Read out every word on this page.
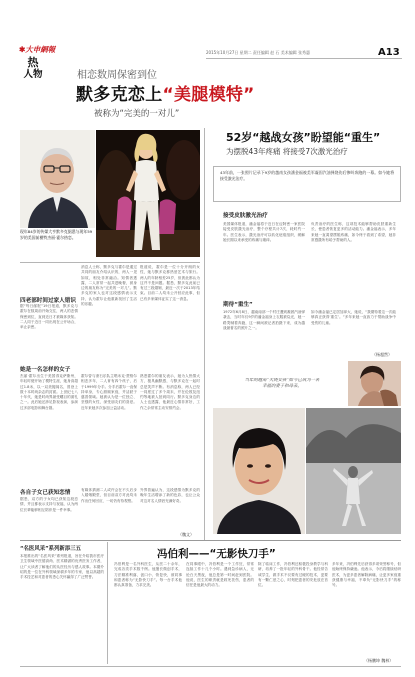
✱大申網報
热
人物
2015年10月27日 星期二 责任编辑 赵 石 美术编辑 张秀惠	A13
相恋数周保密到位
默多克恋上“美腿模特”
被称为“完美的一对儿”
现年84岁的传媒大亨默多克据悉与现年59岁的美国前模特杰丽·霍尔热恋。
据“每日邮报”19日报道，默多克与霍尔在数周前开始交往，两人的恋情保密到位，直到近日才被媒体获知。二人同于近日一同出现在公开场合，举止亲密。
消息人士称，默多克与霍尔是通过共同的朋友介绍认识的，两人一见如故，相处非常融洽。知情者透露，二人常常一起共进晚餐，被身边的朋友称为“完美的一对儿”。默多克的家人也对这段感情表示支持，认为霍尔让他重新找回了生活的乐趣。
报道说，霍尔是一位十分开朗的女性，她与默多克都热爱艺术与旅行。两人的年龄相差25岁，但彼此都认为这并不是问题。据悉，默多克此前已有过三段婚姻，最近一次于2013年结束。目前二人均未公开回应此事，但已有多家媒体证实了这一消息。
四老部时间过家人错识
她是一名怎样的女子
杰丽·霍尔出生于美国得克萨斯州，年轻时便开始了模特生涯，她身高超过1.8米，以一双美腿闻名，曾登上数十本时尚杂志的封面。上世纪七八十年代，她是时尚界最受瞩目的面孔之一。此后她还涉足影视表演，参演过多部电影和舞台剧。
霍尔曾与滚石乐队主唱米克·贾格尔相恋多年，二人育有四个孩子，后于1999年分手。分手后霍尔一直保持单身，专心照顾家庭，并活跃于慈善领域。她被认为是一位独立、坚强的女性，深受朋友们的喜爱。近年来她多次参加公益活动。
熟悉霍尔的朋友表示，她为人热情大方，极具幽默感，与默多克在一起时总是笑声不断。有消息称，两人已经一同度过了多个周末，并在伦敦及纽约等地被人拍到同行。默多克身边的人士也透露，他最近心情非常好，工作之余常常主动安排约会。
各自子女已获知恋情
据悉，双方的子女均已获知这段恋情，并且都表示支持与祝福，认为两位长辈能够相互陪伴是一件幸事。
有媒体猜测二人或许会在不久后步入婚姻殿堂，但目前双方对此均未作出任何回应，一切仍有待观察。
外界普遍认为，这段感情为默多克的晚年生活增添了新的色彩，也让公众对这对名人情侣充满好奇。
（魏文）
52岁“越战女孩”盼望能“重生”
为摆脱43年疼痛 将接受7次激光治疗
43年前，一张照片记录下9岁的越南女孩潘金福被美军凝固汽油弹烧伤后惨叫奔跑的一幕。如今她将接受激光治疗。
接受皮肤激光治疗
美国媒体报道，潘金福将于近日在迈阿密一家医院接受皮肤激光治疗，整个疗程共计7次，耗时约一年。医生表示，激光治疗可以软化疤痕组织，缓解她长期以来承受的疼痛与瘙痒。
负责治疗的医生称，这项技术能够帮助皮肤重新生长，使患者恢复更多的活动能力。潘金福表示，多年来她一直渴望摆脱疼痛，如今终于看到了希望，她非常感激所有给予帮助的人。
期待“重生”
1972年6月8日，越南南部一个村庄遭到凝固汽油弹袭击，当时年仅9岁的潘金福身上衣服被烧光，她一路哭喊着奔跑，这一瞬间被记者拍摄下来，成为越战最著名的照片之一。
如今潘金福已定居加拿大，她说，“我期待着这一次能够真正获得‘重生’。”多年来她一直致力于帮助战争中受伤的儿童。
（杨超然）
当年的越南“火烧女孩”如今已成为一名幸福的妻子和母亲。
“名医风采”系列新添三五
本报推出的“名医风采”系列报道，旨在介绍我市医疗卫生领域中医德高尚、医术精湛的优秀医务工作者，让广大读者了解他们的从医经历与感人故事。本期介绍的是一位在外科领域深耕多年的专家，他以高超的手术技艺和对患者的悉心关怀赢得了广泛赞誉。
冯伯利——“无影快刀手”
冯伯利是一名外科医生，从医二十余年，完成各类手术数千例。他擅长微创手术，刀法精准利落，创口小、恢复快，被同事和患者称为“无影快刀手”。每一台手术他都认真准备，力求完美。
在同事眼中，冯伯利是一个工作狂，常常连续工作十几个小时。遇到急诊病人，无论白天黑夜，他总是第一时间赶到医院。他说，医生的职责就是救死扶伤，患者的信任是他最大的动力。
除了临床工作，冯伯利还积极投身教学与科研，培养了一批年轻的外科骨干。他经常告诫学生，做手术不仅要有过硬的技术，更要有一颗仁爱之心，时刻把患者的安危放在首位。
多年来，冯伯利先后获得多项荣誉称号，但他始终保持谦逊。他表示，今后将继续钻研医术，为更多患者解除病痛，让更多家庭重获健康与幸福，不辜负“无影快刀手”的称号。
（杨鹏坤 魏林）
